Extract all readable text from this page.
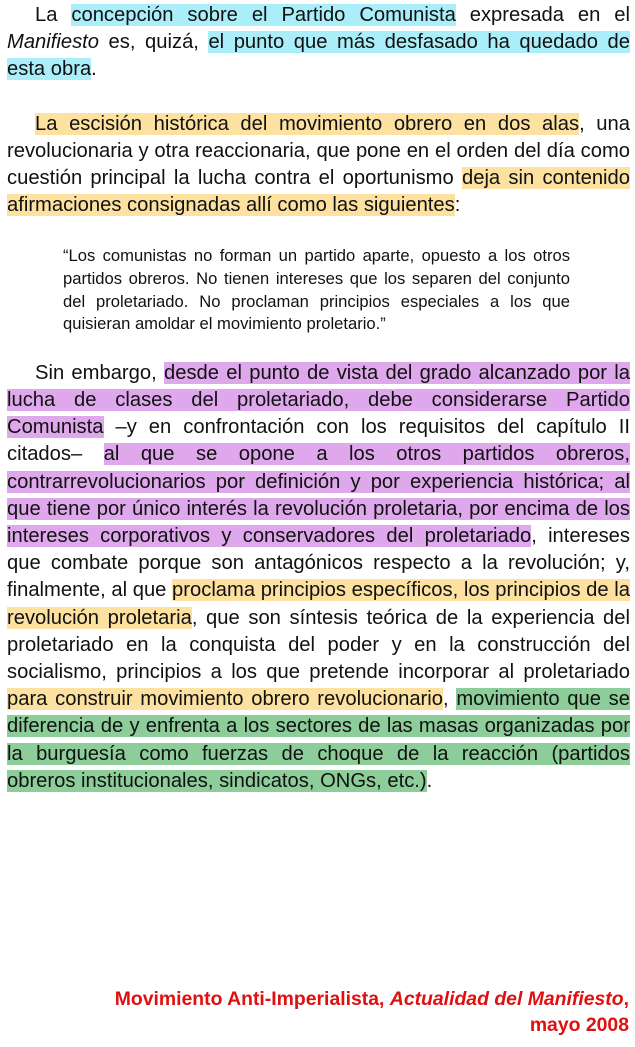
La concepción sobre el Partido Comunista expresada en el Manifiesto es, quizá, el punto que más desfasado ha quedado de esta obra.

La escisión histórica del movimiento obrero en dos alas, una revolucionaria y otra reaccionaria, que pone en el orden del día como cuestión principal la lucha contra el oportunismo deja sin contenido afirmaciones consignadas allí como las siguientes:

“Los comunistas no forman un partido aparte, opuesto a los otros partidos obreros. No tienen intereses que los separen del conjunto del proletariado. No proclaman principios especiales a los que quisieran amoldar el movimiento proletario.”

Sin embargo, desde el punto de vista del grado alcanzado por la lucha de clases del proletariado, debe considerarse Partido Comunista –y en confrontación con los requisitos del capítulo II citados– al que se opone a los otros partidos obreros, contrarrevolucionarios por definición y por experiencia histórica; al que tiene por único interés la revolución proletaria, por encima de los intereses corporativos y conservadores del proletariado, intereses que combate porque son antagónicos respecto a la revolución; y, finalmente, al que proclama principios específicos, los principios de la revolución proletaria, que son síntesis teórica de la experiencia del proletariado en la conquista del poder y en la construcción del socialismo, principios a los que pretende incorporar al proletariado para construir movimiento obrero revolucionario, movimiento que se diferencia de y enfrenta a los sectores de las masas organizadas por la burguesía como fuerzas de choque de la reacción (partidos obreros institucionales, sindicatos, ONGs, etc.).

Movimiento Anti-Imperialista, Actualidad del Manifiesto, mayo 2008
